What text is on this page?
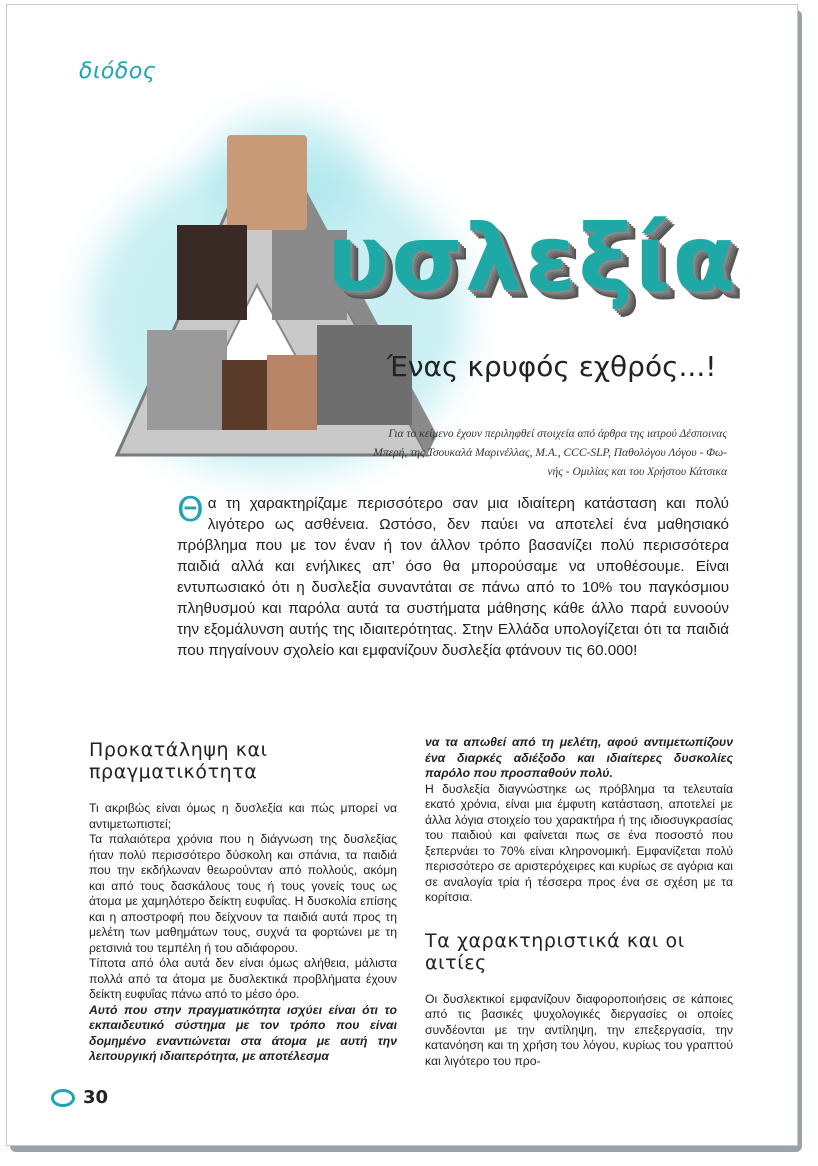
διόδος
υσλεξία
Ένας κρυφός εχθρός...!
Για το κείμενο έχουν περιληφθεί στοιχεία από άρθρα της ιατρού Δέσποινας
Μπερή, της Τσουκαλά Μαρινέλλας, Μ.Α., CCC-SLP, Παθολόγου Λόγου - Φω-
νής - Ομιλίας και του Χρήστου Κάτσικα
Θ α τη χαρακτηρίζαμε περισσότερο σαν μια ιδιαίτερη κατάσταση και πολύ λιγότερο ως ασθένεια. Ωστόσο, δεν παύει να αποτελεί ένα μαθησιακό πρόβλημα που με τον έναν ή τον άλλον τρόπο βασανίζει πολύ περισσότερα παιδιά αλλά και ενήλικες απ’ όσο θα μπορούσαμε να υποθέσουμε. Είναι εντυπωσιακό ότι η δυσλεξία συναντάται σε πάνω από το 10% του παγκόσμιου πληθυσμού και παρόλα αυτά τα συστήματα μάθησης κάθε άλλο παρά ευνοούν την εξομάλυνση αυτής της ιδιαιτερότητας. Στην Ελλάδα υπολογίζεται ότι τα παιδιά που πηγαίνουν σχολείο και εμφανίζουν δυσλεξία φτάνουν τις 60.000!
Προκατάληψη και πραγματικότητα

Τι ακριβώς είναι όμως η δυσλεξία και πώς μπορεί να αντιμετωπιστεί;

Τα παλαιότερα χρόνια που η διάγνωση της δυσλεξίας ήταν πολύ περισσότερο δύσκολη και σπάνια, τα παιδιά που την εκδήλωναν θεωρούνταν από πολλούς, ακόμη και από τους δασκάλους τους ή τους γονείς τους ως άτομα με χαμηλότερο δείκτη ευφυΐας. Η δυσκολία επίσης και η αποστροφή που δείχνουν τα παιδιά αυτά προς τη μελέτη των μαθημάτων τους, συχνά τα φορτώνει με τη ρετσινιά του τεμπέλη ή του αδιάφορου.

Τίποτα από όλα αυτά δεν είναι όμως αλήθεια, μάλιστα πολλά από τα άτομα με δυσλεκτικά προβλήματα έχουν δείκτη ευφυΐας πάνω από το μέσο όρο.

Αυτό που στην πραγματικότητα ισχύει είναι ότι το εκπαιδευτικό σύστημα με τον τρόπο που είναι δομημένο εναντιώνεται στα άτομα με αυτή την λειτουργική ιδιαιτερότητα, με αποτέλεσμα

να τα απωθεί από τη μελέτη, αφού αντιμετωπίζουν ένα διαρκές αδιέξοδο και ιδιαίτερες δυσκολίες παρόλο που προσπαθούν πολύ.

Η δυσλεξία διαγνώστηκε ως πρόβλημα τα τελευταία εκατό χρόνια, είναι μια έμφυτη κατάσταση, αποτελεί με άλλα λόγια στοιχείο του χαρακτήρα ή της ιδιοσυγκρασίας του παιδιού και φαίνεται πως σε ένα ποσοστό που ξεπερνάει το 70% είναι κληρονομική. Εμφανίζεται πολύ περισσότερο σε αριστερόχειρες και κυρίως σε αγόρια και σε αναλογία τρία ή τέσσερα προς ένα σε σχέση με τα κορίτσια.

Τα χαρακτηριστικά και οι αιτίες

Οι δυσλεκτικοί εμφανίζουν διαφοροποιήσεις σε κάποιες από τις βασικές ψυχολογικές διεργασίες οι οποίες συνδέονται με την αντίληψη, την επεξεργασία, την κατανόηση και τη χρήση του λόγου, κυρίως του γραπτού και λιγότερο του προ-

30
